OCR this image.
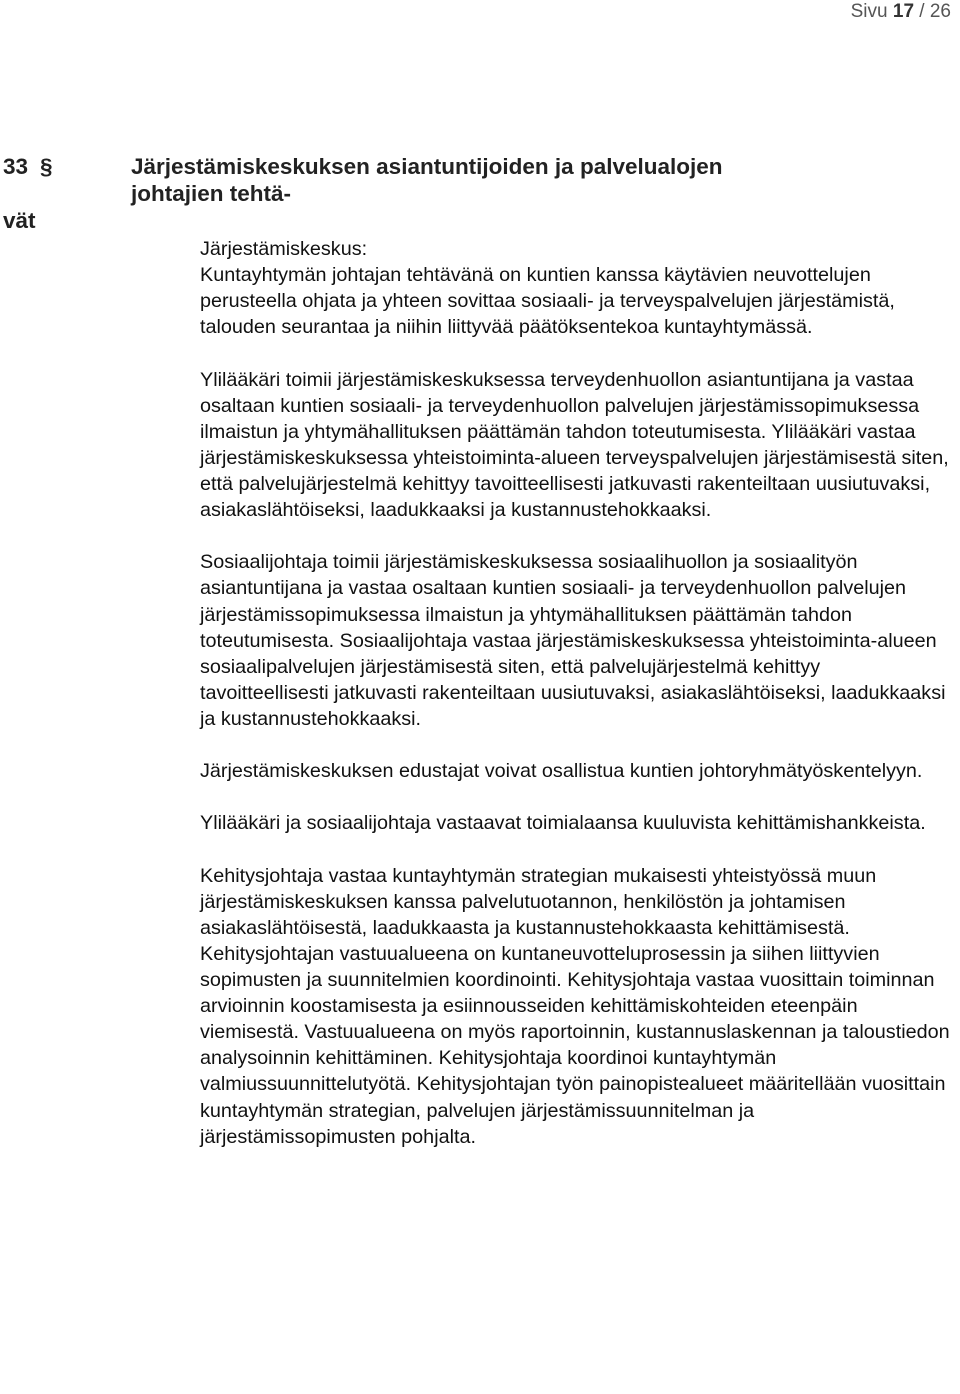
Sivu 17 / 26
33 §	Järjestämiskeskuksen asiantuntijoiden ja palvelualojen johtajien tehtä-
vät

Järjestämiskeskus:
Kuntayhtymän johtajan tehtävänä on kuntien kanssa käytävien neuvottelujen perusteella ohjata ja yhteen sovittaa sosiaali- ja terveyspalvelujen järjestämistä, talouden seurantaa ja niihin liittyvää päätöksentekoa kuntayhtymässä.

Ylilääkäri toimii järjestämiskeskuksessa terveydenhuollon asiantuntijana ja vastaa osaltaan kuntien sosiaali- ja terveydenhuollon palvelujen järjestämissopimuksessa ilmaistun ja yhtymähallituksen päättämän tahdon toteutumisesta. Ylilääkäri vastaa järjestämiskeskuksessa yhteistoiminta-alueen terveyspalvelujen järjestämisestä siten, että palvelujärjestelmä kehittyy tavoitteellisesti jatkuvasti rakenteiltaan uusiutuvaksi, asiakaslähtöiseksi, laadukkaaksi ja kustannustehokkaaksi.

Sosiaalijohtaja toimii järjestämiskeskuksessa sosiaalihuollon ja sosiaalityön asiantuntijana ja vastaa osaltaan kuntien sosiaali- ja terveydenhuollon palvelujen järjestämissopimuksessa ilmaistun ja yhtymähallituksen päättämän tahdon toteutumisesta. Sosiaalijohtaja vastaa järjestämiskeskuksessa yhteistoiminta-alueen sosiaalipalvelujen järjestämisestä siten, että palvelujärjestelmä kehittyy tavoitteellisesti jatkuvasti rakenteiltaan uusiutuvaksi, asiakaslähtöiseksi, laadukkaaksi ja kustannustehokkaaksi.

Järjestämiskeskuksen edustajat voivat osallistua kuntien johtoryhmätyöskentelyyn.

Ylilääkäri ja sosiaalijohtaja vastaavat toimialaansa kuuluvista kehittämishankkeista.

Kehitysjohtaja vastaa kuntayhtymän strategian mukaisesti yhteistyössä muun järjestämiskeskuksen kanssa palvelutuotannon, henkilöstön ja johtamisen asiakaslähtöisestä, laadukkaasta ja kustannustehokkaasta kehittämisestä. Kehitysjohtajan vastuualueena on kuntaneuvotteluprosessin ja siihen liittyvien sopimusten ja suunnitelmien koordinointi. Kehitysjohtaja vastaa vuosittain toiminnan arvioinnin koostamisesta ja esiinnousseiden kehittämiskohteiden eteenpäin viemisestä. Vastuualueena on myös raportoinnin, kustannuslaskennan ja taloustiedon analysoinnin kehittäminen. Kehitysjohtaja koordinoi kuntayhtymän valmiussuunnittelutyötä. Kehitysjohtajan työn painopistealueet määritellään vuosittain kuntayhtymän strategian, palvelujen järjestämissuunnitelman ja järjestämissopimusten pohjalta.
